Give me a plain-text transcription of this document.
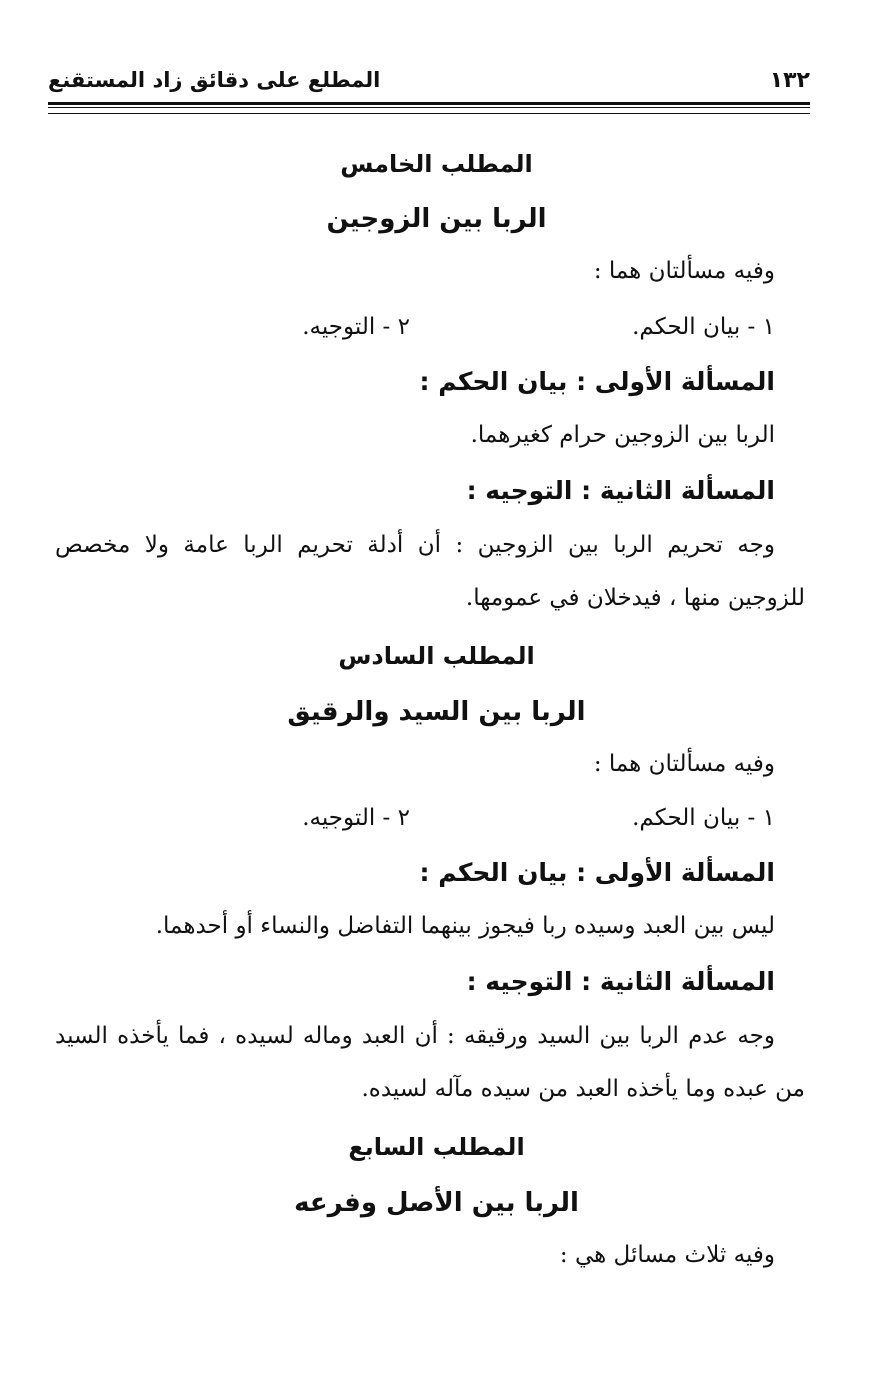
١٣٢
المطلع على دقائق زاد المستقنع
المطلب الخامس
الربا بين الزوجين
وفيه مسألتان هما :
١ - بيان الحكم.
٢ - التوجيه.
المسألة الأولى : بيان الحكم :
الربا بين الزوجين حرام كغيرهما.
المسألة الثانية : التوجيه :
وجه تحريم الربا بين الزوجين : أن أدلة تحريم الربا عامة ولا مخصص
للزوجين منها ، فيدخلان في عمومها.
المطلب السادس
الربا بين السيد والرقيق
وفيه مسألتان هما :
١ - بيان الحكم.
٢ - التوجيه.
المسألة الأولى : بيان الحكم :
ليس بين العبد وسيده ربا فيجوز بينهما التفاضل والنساء أو أحدهما.
المسألة الثانية : التوجيه :
وجه عدم الربا بين السيد ورقيقه : أن العبد وماله لسيده ، فما يأخذه السيد
من عبده وما يأخذه العبد من سيده مآله لسيده.
المطلب السابع
الربا بين الأصل وفرعه
وفيه ثلاث مسائل هي :
